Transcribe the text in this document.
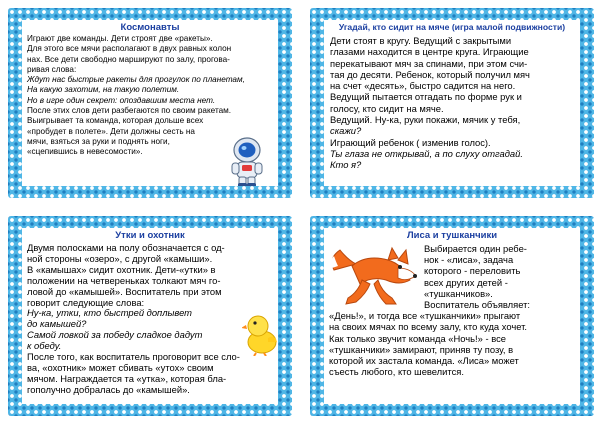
Космонавты

Играют две команды. Дети строят две «ракеты».

Для этого все мячи располагают в двух равных колон

нах. Все дети свободно маршируют по залу, прогова-

ривая слова:

Ждут нас быстрые ракеты для прогулок по планетам,

На какую захотим, на такую полетим.

Но в игре один секрет: опоздавшим места нет.

После этих слов дети разбегаются по своим ракетам.

Выигрывает та команда, которая дольше всех

«пробудет в полете». Дети должны сесть на

мячи, взяться за руки и поднять ноги,

«сцепившись в невесомости».

Угадай, кто сидит на мяче (игра малой подвижности)

Дети стоят в кругу. Ведущий с закрытыми

глазами находится в центре круга. Играющие

перекатывают мяч за спинами, при этом счи-

тая до десяти. Ребенок, который получил мяч

на счет «десять», быстро садится на него.

Ведущий пытается отгадать по форме рук и

голосу, кто сидит на мяче.

Ведущий. Ну-ка, руки покажи, мячик у тебя,

скажи?

Играющий ребенок ( изменив голос).

Ты глаза не открывай, а по слуху отгадай.

Кто я?

Утки и охотник

Двумя полосками на полу обозначается с од-

ной стороны «озеро», с другой «камыши».

В «камышах» сидит охотник. Дети-«утки» в

положении на четвереньках толкают мяч го-

ловой до «камышей». Воспитатель при этом

говорит следующие слова:

Ну-ка, утки, кто быстрей доплывет

до камышей?

Самой ловкой за победу сладкое дадут

к обеду.

После того, как воспитатель проговорит все сло-

ва, «охотник» может сбивать «утох» своим

мячом. Награждается та «утка», которая бла-

гополучно добралась до «камышей».

Лиса и тушканчики

Выбирается один ребе-

нок - «лиса», задача

которого - переловить

всех других детей -

«тушканчиков».

Воспитатель объявляет:

«День!», и тогда все «тушканчики» прыгают

на своих мячах по всему залу, кто куда хочет.

Как только звучит команда «Ночь!» - все

«тушканчики» замирают, приняв ту позу, в

которой их застала команда. «Лиса» может

съесть любого, кто шевелится.
